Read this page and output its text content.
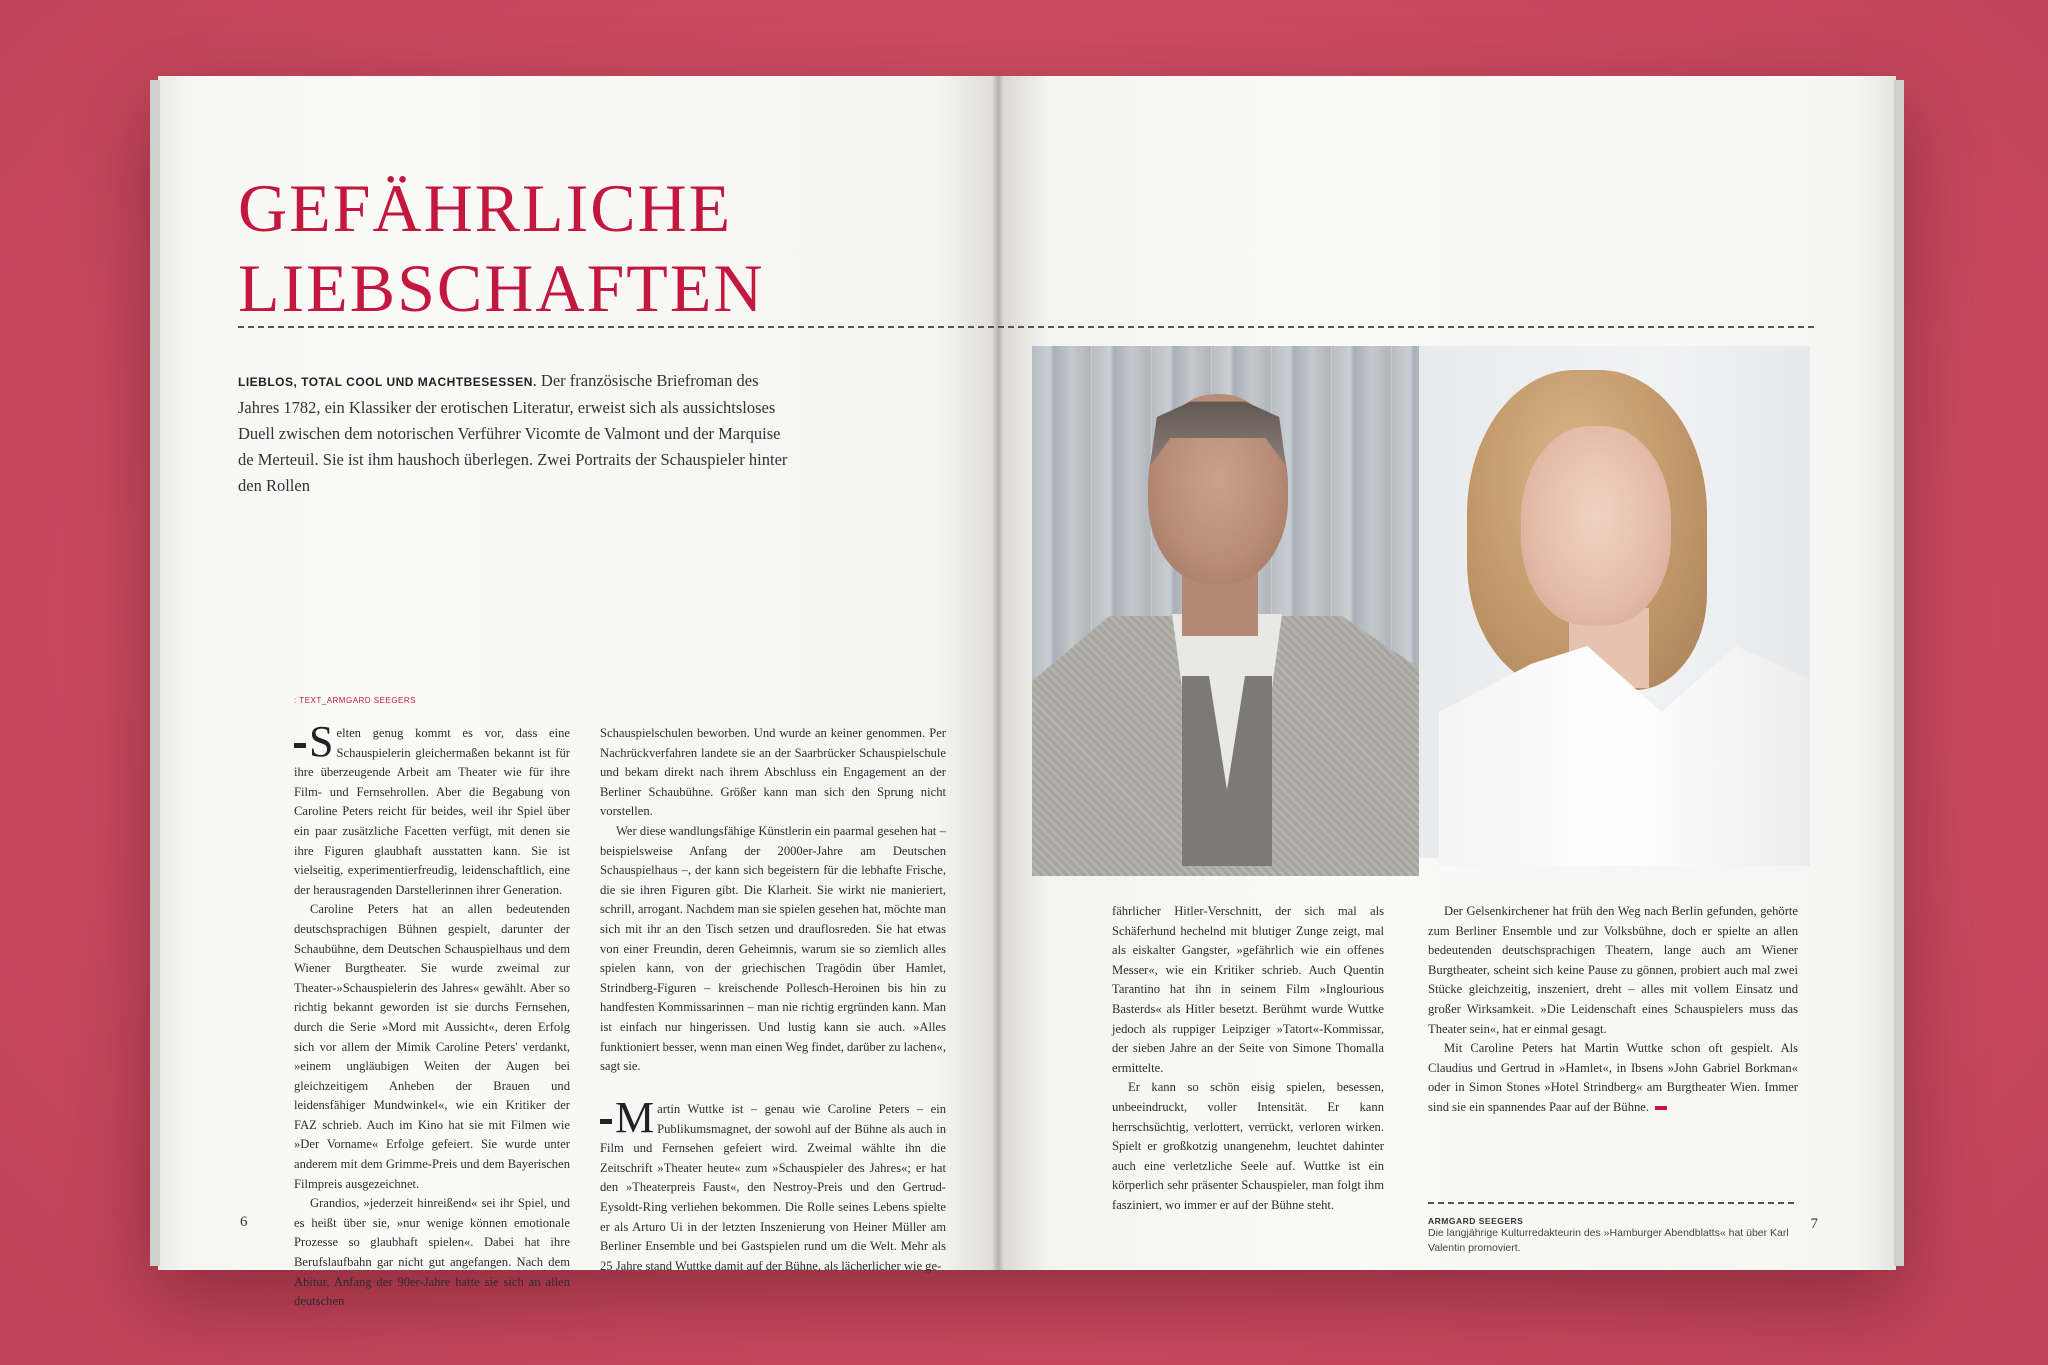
GEFÄHRLICHE
LIEBSCHAFTEN
LIEBLOS, TOTAL COOL UND MACHTBESESSEN. Der französische Briefroman des Jahres 1782, ein Klassiker der erotischen Literatur, erweist sich als aussichtsloses Duell zwischen dem notorischen Verführer Vicomte de Valmont und der Marquise de Merteuil. Sie ist ihm haushoch überlegen. Zwei Portraits der Schauspieler hinter den Rollen
: TEXT_ARMGARD SEEGERS

Selten genug kommt es vor, dass eine Schauspielerin gleichermaßen bekannt ist für ihre überzeugende Arbeit am Theater wie für ihre Film- und Fernsehrollen. Aber die Begabung von Caroline Peters reicht für beides, weil ihr Spiel über ein paar zusätzliche Facetten verfügt, mit denen sie ihre Figuren glaubhaft ausstatten kann. Sie ist vielseitig, experimentierfreudig, leidenschaftlich, eine der herausragenden Darstellerinnen ihrer Generation.

Caroline Peters hat an allen bedeutenden deutschsprachigen Bühnen gespielt, darunter der Schaubühne, dem Deutschen Schauspielhaus und dem Wiener Burgtheater. Sie wurde zweimal zur Theater-»Schauspielerin des Jahres« gewählt. Aber so richtig bekannt geworden ist sie durchs Fernsehen, durch die Serie »Mord mit Aussicht«, deren Erfolg sich vor allem der Mimik Caroline Peters' verdankt, »einem ungläubigen Weiten der Augen bei gleichzeitigem Anheben der Brauen und leidensfähiger Mundwinkel«, wie ein Kritiker der FAZ schrieb. Auch im Kino hat sie mit Filmen wie »Der Vorname« Erfolge gefeiert. Sie wurde unter anderem mit dem Grimme-Preis und dem Bayerischen Filmpreis ausgezeichnet.

Grandios, »jederzeit hinreißend« sei ihr Spiel, und es heißt über sie, »nur wenige können emotionale Prozesse so glaubhaft spielen«. Dabei hat ihre Berufslaufbahn gar nicht gut angefangen. Nach dem Abitur, Anfang der 90er-Jahre hatte sie sich an allen deutschen

Schauspielschulen beworben. Und wurde an keiner genommen. Per Nachrückverfahren landete sie an der Saarbrücker Schauspielschule und bekam direkt nach ihrem Abschluss ein Engagement an der Berliner Schaubühne. Größer kann man sich den Sprung nicht vorstellen.

Wer diese wandlungsfähige Künstlerin ein paarmal gesehen hat – beispielsweise Anfang der 2000er-Jahre am Deutschen Schauspielhaus –, der kann sich begeistern für die lebhafte Frische, die sie ihren Figuren gibt. Die Klarheit. Sie wirkt nie manieriert, schrill, arrogant. Nachdem man sie spielen gesehen hat, möchte man sich mit ihr an den Tisch setzen und drauflosreden. Sie hat etwas von einer Freundin, deren Geheimnis, warum sie so ziemlich alles spielen kann, von der griechischen Tragödin über Hamlet, Strindberg-Figuren – kreischende Pollesch-Heroinen bis hin zu handfesten Kommissarinnen – man nie richtig ergründen kann. Man ist einfach nur hingerissen. Und lustig kann sie auch. »Alles funktioniert besser, wenn man einen Weg findet, darüber zu lachen«, sagt sie.

Martin Wuttke ist – genau wie Caroline Peters – ein Publikumsmagnet, der sowohl auf der Bühne als auch in Film und Fernsehen gefeiert wird. Zweimal wählte ihn die Zeitschrift »Theater heute« zum »Schauspieler des Jahres«; er hat den »Theaterpreis Faust«, den Nestroy-Preis und den Gertrud-Eysoldt-Ring verliehen bekommen. Die Rolle seines Lebens spielte er als Arturo Ui in der letzten Inszenierung von Heiner Müller am Berliner Ensemble und bei Gastspielen rund um die Welt. Mehr als 25 Jahre stand Wuttke damit auf der Bühne, als lächerlicher wie ge-

6

fährlicher Hitler-Verschnitt, der sich mal als Schäferhund hechelnd mit blutiger Zunge zeigt, mal als eiskalter Gangster, »gefährlich wie ein offenes Messer«, wie ein Kritiker schrieb. Auch Quentin Tarantino hat ihn in seinem Film »Inglourious Basterds« als Hitler besetzt. Berühmt wurde Wuttke jedoch als ruppiger Leipziger »Tatort«-Kommissar, der sieben Jahre an der Seite von Simone Thomalla ermittelte.

Er kann so schön eisig spielen, besessen, unbeeindruckt, voller Intensität. Er kann herrschsüchtig, verlottert, verrückt, verloren wirken. Spielt er großkotzig unangenehm, leuchtet dahinter auch eine verletzliche Seele auf. Wuttke ist ein körperlich sehr präsenter Schauspieler, man folgt ihm fasziniert, wo immer er auf der Bühne steht.

Der Gelsenkirchener hat früh den Weg nach Berlin gefunden, gehörte zum Berliner Ensemble und zur Volksbühne, doch er spielte an allen bedeutenden deutschsprachigen Theatern, lange auch am Wiener Burgtheater, scheint sich keine Pause zu gönnen, probiert auch mal zwei Stücke gleichzeitig, inszeniert, dreht – alles mit vollem Einsatz und großer Wirksamkeit. »Die Leidenschaft eines Schauspielers muss das Theater sein«, hat er einmal gesagt.

Mit Caroline Peters hat Martin Wuttke schon oft gespielt. Als Claudius und Gertrud in »Hamlet«, in Ibsens »John Gabriel Borkman« oder in Simon Stones »Hotel Strindberg« am Burgtheater Wien. Immer sind sie ein spannendes Paar auf der Bühne.

ARMGARD SEEGERS
Die langjährige Kulturredakteurin des »Hamburger Abendblatts« hat über Karl Valentin promoviert.
7
